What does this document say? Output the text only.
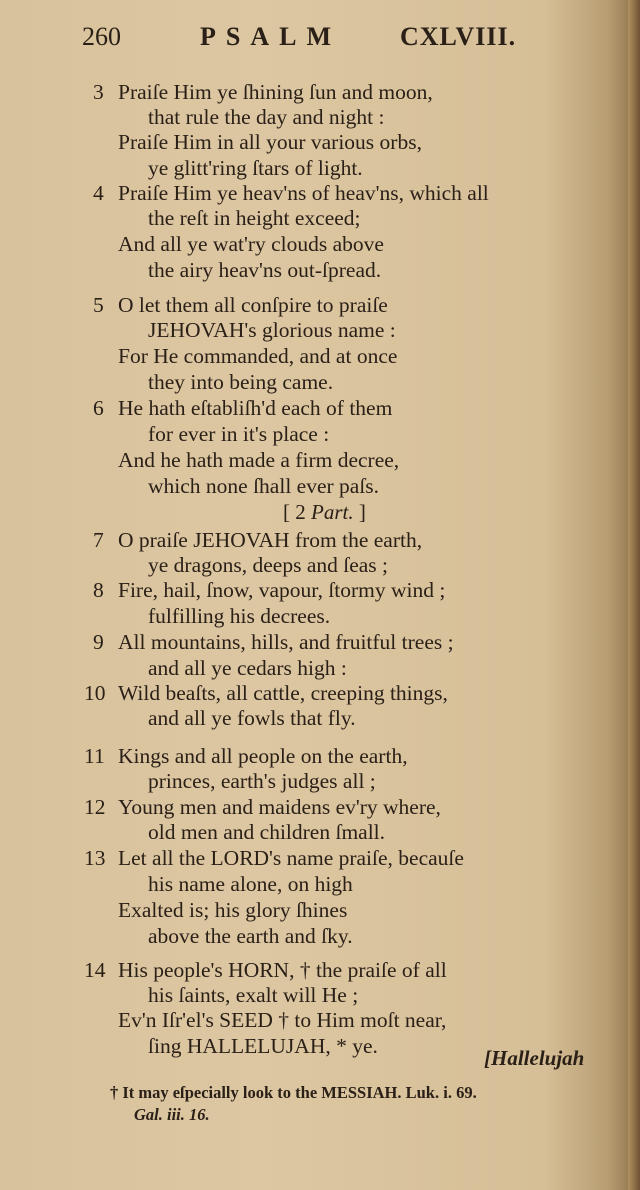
260	PSALM CXLVIII.
3 Praiſe Him ye ſhining ſun and moon,
that rule the day and night :
Praiſe Him in all your various orbs,
ye glitt'ring ſtars of light.
4 Praiſe Him ye heav'ns of heav'ns, which all
the reſt in height exceed;
And all ye wat'ry clouds above
the airy heav'ns out-ſpread.
5 O let them all conſpire to praiſe
JEHOVAH's glorious name :
For He commanded, and at once
they into being came.
6 He hath eſtabliſh'd each of them
for ever in it's place :
And he hath made a firm decree,
which none ſhall ever paſs.
7 O praiſe JEHOVAH from the earth,
ye dragons, deeps and ſeas ;
8 Fire, hail, ſnow, vapour, ſtormy wind ;
fulfilling his decrees.
9 All mountains, hills, and fruitful trees ;
and all ye cedars high :
10 Wild beaſts, all cattle, creeping things,
and all ye fowls that fly.
11 Kings and all people on the earth,
princes, earth's judges all ;
12 Young men and maidens ev'ry where,
old men and children ſmall.
13 Let all the LORD's name praiſe, becauſe
his name alone, on high
Exalted is; his glory ſhines
above the earth and ſky.
14 His people's HORN, † the praiſe of all
his ſaints, exalt will He ;
Ev'n Iſr'el's SEED † to Him moſt near,
ſing HALLELUJAH, * ye.
[ 2 Part. ]
[Hallelujah
† It may eſpecially look to the MESSIAH. Luk. i. 69.
Gal. iii. 16.
